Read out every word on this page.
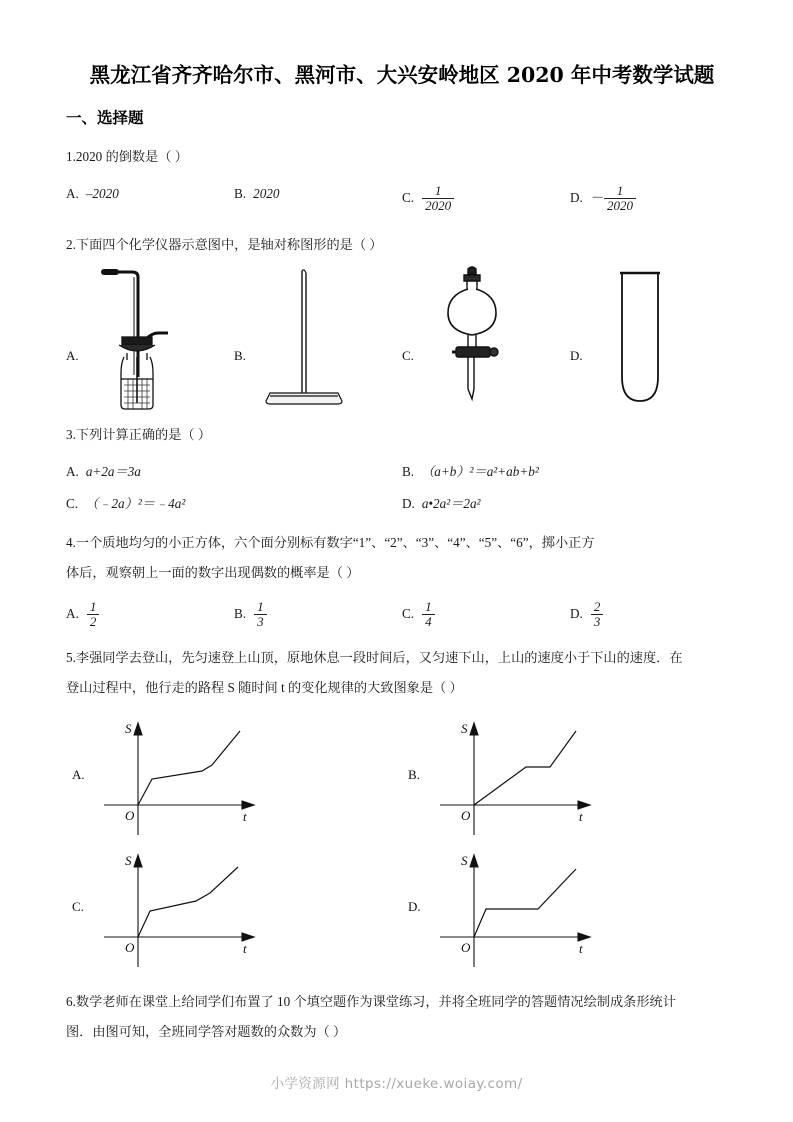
黑龙江省齐齐哈尔市、黑河市、大兴安岭地区 2020 年中考数学试题
一、选择题

1.2020 的倒数是（ ）

A. –2020	B. 2020	C. $\frac{1}{2020}$	D. － $\frac{1}{2020}$

2.下面四个化学仪器示意图中，是轴对称图形的是（ ）

A.	B.	C.	D.

3.下列计算正确的是（ ）

A. a+2a＝3a	B. （a+b）²＝a²+ab+b²
C. （﹣2a）²＝﹣4a²	D. a•2a²＝2a²

4.一个质地均匀的小正方体，六个面分别标有数字“1”、“2”、“3”、“4”、“5”、“6”，掷小正方

体后，观察朝上一面的数字出现偶数的概率是（ ）

A. $\frac{1}{2}$	B. $\frac{1}{3}$	C. $\frac{1}{4}$	D. $\frac{2}{3}$

5.李强同学去登山，先匀速登上山顶，原地休息一段时间后，又匀速下山，上山的速度小于下山的速度．在

登山过程中，他行走的路程 S 随时间 t 的变化规律的大致图象是（ ）

A.
S
t
O
B.
S
t
O
C.
S
t
O
D.
S
t
O

6.数学老师在课堂上给同学们布置了 10 个填空题作为课堂练习，并将全班同学的答题情况绘制成条形统计

图．由图可知，全班同学答对题数的众数为（ ）

小学资源网 https://xueke.woiay.com/
